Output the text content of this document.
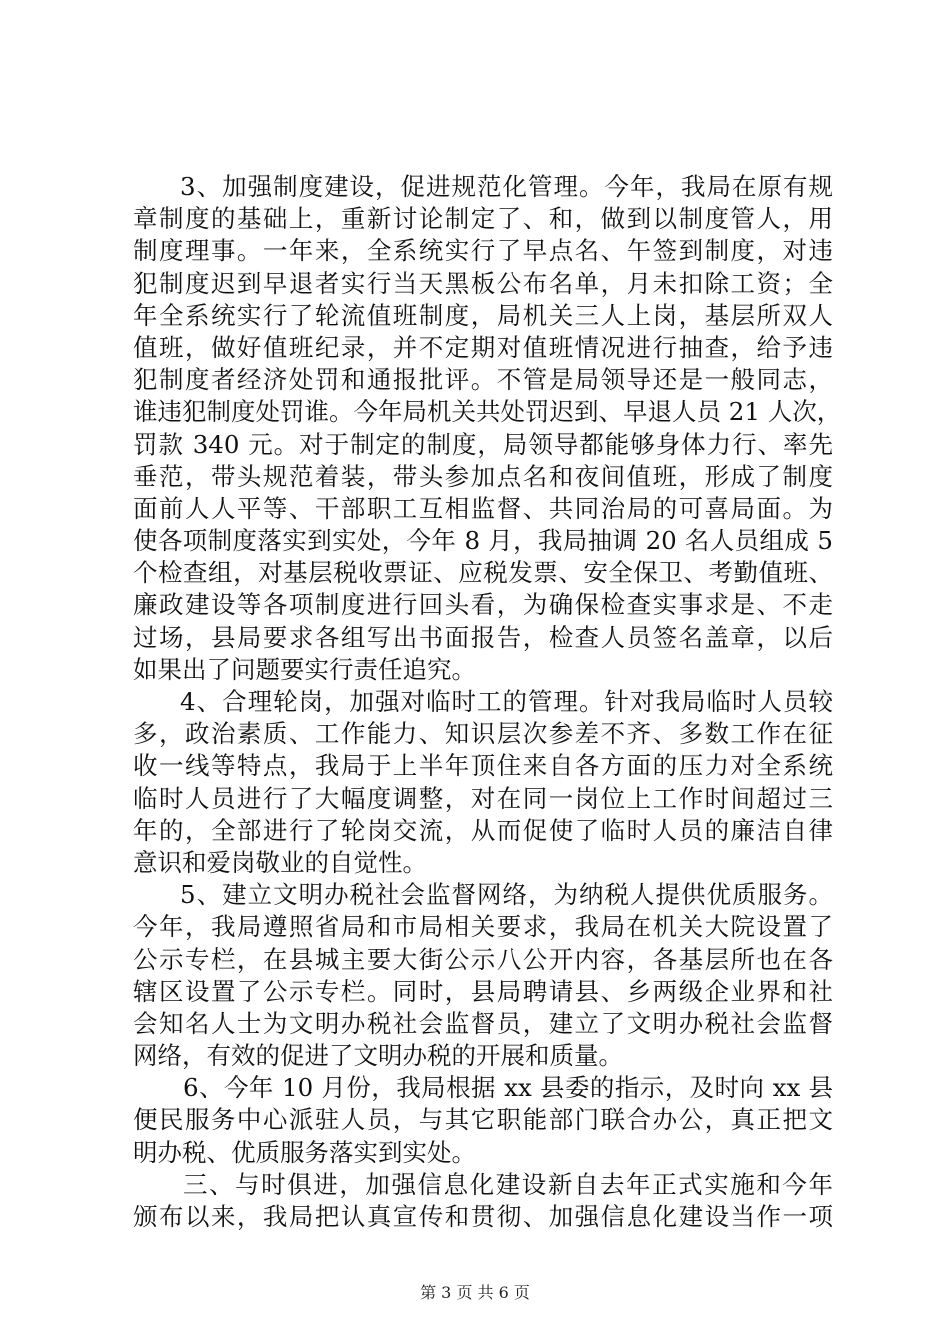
3、加强制度建设，促进规范化管理。今年，我局在原有规
章制度的基础上，重新讨论制定了、和，做到以制度管人，用
制度理事。一年来，全系统实行了早点名、午签到制度，对违
犯制度迟到早退者实行当天黑板公布名单，月未扣除工资；全
年全系统实行了轮流值班制度，局机关三人上岗，基层所双人
值班，做好值班纪录，并不定期对值班情况进行抽查，给予违
犯制度者经济处罚和通报批评。不管是局领导还是一般同志，
谁违犯制度处罚谁。今年局机关共处罚迟到、早退人员 21 人次，
罚款 340 元。对于制定的制度，局领导都能够身体力行、率先
垂范，带头规范着装，带头参加点名和夜间值班，形成了制度
面前人人平等、干部职工互相监督、共同治局的可喜局面。为
使各项制度落实到实处，今年 8 月，我局抽调 20 名人员组成 5
个检查组，对基层税收票证、应税发票、安全保卫、考勤值班、
廉政建设等各项制度进行回头看，为确保检查实事求是、不走
过场，县局要求各组写出书面报告，检查人员签名盖章，以后
如果出了问题要实行责任追究。
4、合理轮岗，加强对临时工的管理。针对我局临时人员较
多，政治素质、工作能力、知识层次参差不齐、多数工作在征
收一线等特点，我局于上半年顶住来自各方面的压力对全系统
临时人员进行了大幅度调整，对在同一岗位上工作时间超过三
年的，全部进行了轮岗交流，从而促使了临时人员的廉洁自律
意识和爱岗敬业的自觉性。
5、建立文明办税社会监督网络，为纳税人提供优质服务。
今年，我局遵照省局和市局相关要求，我局在机关大院设置了
公示专栏，在县城主要大街公示八公开内容，各基层所也在各
辖区设置了公示专栏。同时，县局聘请县、乡两级企业界和社
会知名人士为文明办税社会监督员，建立了文明办税社会监督
网络，有效的促进了文明办税的开展和质量。
6、今年 10 月份，我局根据 xx 县委的指示，及时向 xx 县
便民服务中心派驻人员，与其它职能部门联合办公，真正把文
明办税、优质服务落实到实处。
三、与时俱进，加强信息化建设新自去年正式实施和今年
颁布以来，我局把认真宣传和贯彻、加强信息化建设当作一项
第 3 页 共 6 页
